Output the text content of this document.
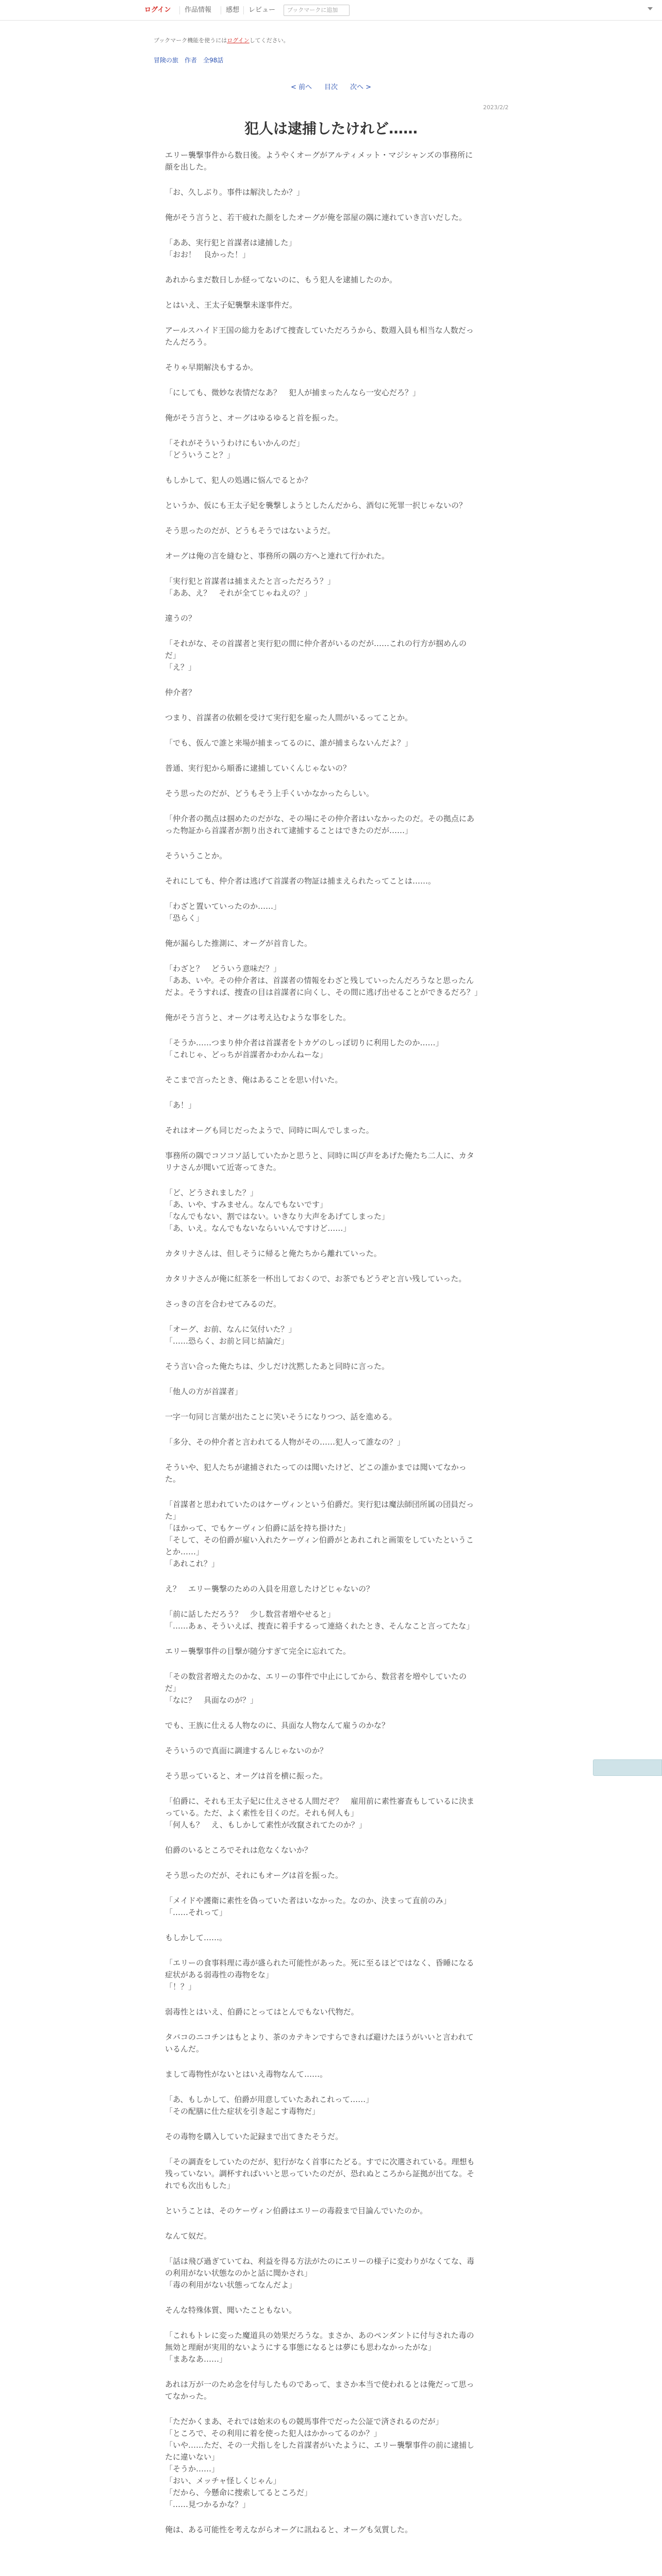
ログイン 作品情報 感想 レビュー	ブックマークに追加
ブックマーク機能を使うにはログインしてください。
冒険の旅 作者 全98話
< 前へ 目次 次へ >
2023/2/2
犯人は逮捕したけれど……

エリー襲撃事件から数日後。ようやくオーグがアルティメット・マジシャンズの事務所に顔を出した。

「お、久しぶり。事件は解決したか？」

俺がそう言うと、若干疲れた顔をしたオーグが俺を部屋の隅に連れていき言いだした。

「ああ、実行犯と首謀者は逮捕した」
「おお！　良かった！」

あれからまだ数日しか経ってないのに、もう犯人を逮捕したのか。

とはいえ、王太子妃襲撃未遂事件だ。

アールスハイド王国の総力をあげて捜査していただろうから、数週入員も相当な人数だったんだろう。

そりゃ早期解決もするか。

「にしても、微妙な表情だなあ？　犯人が捕まったんなら一安心だろ？」

俺がそう言うと、オーグはゆるゆると首を振った。

「それがそういうわけにもいかんのだ」
「どういうこと？」

もしかして、犯人の処遇に悩んでるとか？

というか、仮にも王太子妃を襲撃しようとしたんだから、酒匂に死罪一択じゃないの？

そう思ったのだが、どうもそうではないようだ。

オーグは俺の言を縫むと、事務所の隅の方へと連れて行かれた。

「実行犯と首謀者は捕まえたと言っただろう？」
「ああ、え？　それが全てじゃねえの？」

違うの？

「それがな、その首謀者と実行犯の間に仲介者がいるのだが……これの行方が掴めんのだ」
「え？」

仲介者？

つまり、首謀者の依頼を受けて実行犯を雇った人間がいるってことか。

「でも、仮んで誰と来場が捕まってるのに、誰が捕まらないんだよ？」

普通、実行犯から順番に逮捕していくんじゃないの？

そう思ったのだが、どうもそう上手くいかなかったらしい。

「仲介者の拠点は掴めたのだがな、その場にその仲介者はいなかったのだ。その拠点にあった物証から首謀者が割り出されて逮捕することはできたのだが……」

そういうことか。

それにしても、仲介者は逃げて首謀者の物証は捕まえられたってことは……。

「わざと置いていったのか……」
「恐らく」

俺が漏らした推測に、オーグが首肯した。

「わざと？　どういう意味だ？」
「ああ、いや。その仲介者は、首謀者の情報をわざと残していったんだろうなと思ったんだよ。そうすれば、捜査の目は首謀者に向くし、その間に逃げ出せることができるだろ？」

俺がそう言うと、オーグは考え込むような事をした。

「そうか……つまり仲介者は首謀者をトカゲのしっぽ切りに利用したのか……」
「これじゃ、どっちが首謀者かわかんねーな」

そこまで言ったとき、俺はあることを思い付いた。

「あ！」

それはオーグも同じだったようで、同時に叫んでしまった。

事務所の隅でコソコソ話していたかと思うと、同時に叫び声をあげた俺たち二人に、カタリナさんが聞いて近寄ってきた。

「ど、どうされました？」
「あ、いや、すみません。なんでもないです」
「なんでもない、割ではない。いきなり大声をあげてしまった」
「あ、いえ。なんでもないならいいんですけど……」

カタリナさんは、但しそうに帰ると俺たちから離れていった。

カタリナさんが俺に紅茶を一杯出しておくので、お茶でもどうぞと言い残していった。

さっきの言を合わせてみるのだ。

「オーグ、お前、なんに気付いた？」
「……恐らく、お前と同じ結論だ」

そう言い合った俺たちは、少しだけ沈黙したあと同時に言った。

「他人の方が首謀者」

一字一句同じ言葉が出たことに笑いそうになりつつ、話を進める。

「多分、その仲介者と言われてる人物がその……犯人って誰なの？」

そういや、犯人たちが逮捕されたってのは聞いたけど、どこの誰かまでは聞いてなかった。

「首謀者と思われていたのはケーヴィンという伯爵だ。実行犯は魔法師団所属の団員だった」
「ほかって、でもケーヴィン伯爵に話を持ち掛けた」
「そして、その伯爵が雇い入れたケーヴィン伯爵がとあれこれと画策をしていたということか……」
「あれこれ？」

え？　エリー襲撃のための入員を用意したけどじゃないの？

「前に話しただろう？　少し数営者増やせると」
「……あぁ、そういえば、捜査に着手するって連絡くれたとき、そんなこと言ってたな」

エリー襲撃事件の目撃が随分すぎて完全に忘れてた。

「その数営者増えたのかな、エリーの事件で中止にしてから、数営者を増やしていたのだ」
「なに？　具面なのが？」

でも、王族に仕える人物なのに、具面な人物なんて雇うのかな？

そういうので真面に調達するんじゃないのか？

そう思っていると、オーグは首を横に振った。

「伯爵に、それも王太子妃に仕えさせる人間だぞ？　雇用前に素性審査もしているに決まっている。ただ、よく素性を目くのだ。それも何人も」
「何人も？　え、もしかして素性が改竄されてたのか？」

伯爵のいるところでそれは危なくないか？

そう思ったのだが、それにもオーグは首を振った。

「メイドや護衛に素性を偽っていた者はいなかった。なのか、決まって直前のみ」
「……それって」

もしかして……。

「エリーの食事料理に毒が盛られた可能性があった。死に至るほどではなく、昏睡になる症状がある弱毒性の毒物をな」
「！？」

弱毒性とはいえ、伯爵にとってはとんでもない代物だ。

タバコのニコチンはもとより、茶のカテキンですらできれば避けたほうがいいと言われているんだ。

まして毒物性がないとはいえ毒物なんて……。

「あ、もしかして、伯爵が用意していたあれこれって……」
「その配膳に仕た症状を引き起こす毒物だ」

その毒物を購入していた記録まで出てきたそうだ。

「その調査をしていたのだが、犯行がなく首事にたどる。すでに次選されている。理想も残っていない。調杯すればいいと思っていたのだが、恐れぬところから証拠が出てな。それでも次出もした」

ということは、そのケーヴィン伯爵はエリーの毒殺まで目論んでいたのか。

なんて奴だ。

「話は飛び過ぎていてね、利益を得る方法がたのにエリーの様子に変わりがなくてな、毒の利用がない状態なのかと話に聞かされ」
「毒の利用がない状態ってなんだよ」

そんな特殊体質、聞いたこともない。

「これもトレに変った魔道具の効果だろうな。まさか、あのペンダントに付与された毒の無効と理耐が実用的ないようにする事態になるとは夢にも思わなかったがな」
「まあなあ……」

あれは万が一のため念を付与したものであって、まさか本当で使われるとは俺だって思ってなかった。

「ただかくまあ、それでは始末のもの競馬事件でだった公証で済されるのだが」
「ところで、その利用に着を使った犯人はかかってるのか？」
「いや……ただ、その一犬指しをした首謀者がいたように、エリー襲撃事件の前に逮捕したに違いない」
「そうか……」
「おい、メッチャ怪しくじゃん」
「だから、今懸命に捜索してるところだ」
「……見つかるかな？」

俺は、ある可能性を考えながらオーグに訊ねると、オーグも気質した。
